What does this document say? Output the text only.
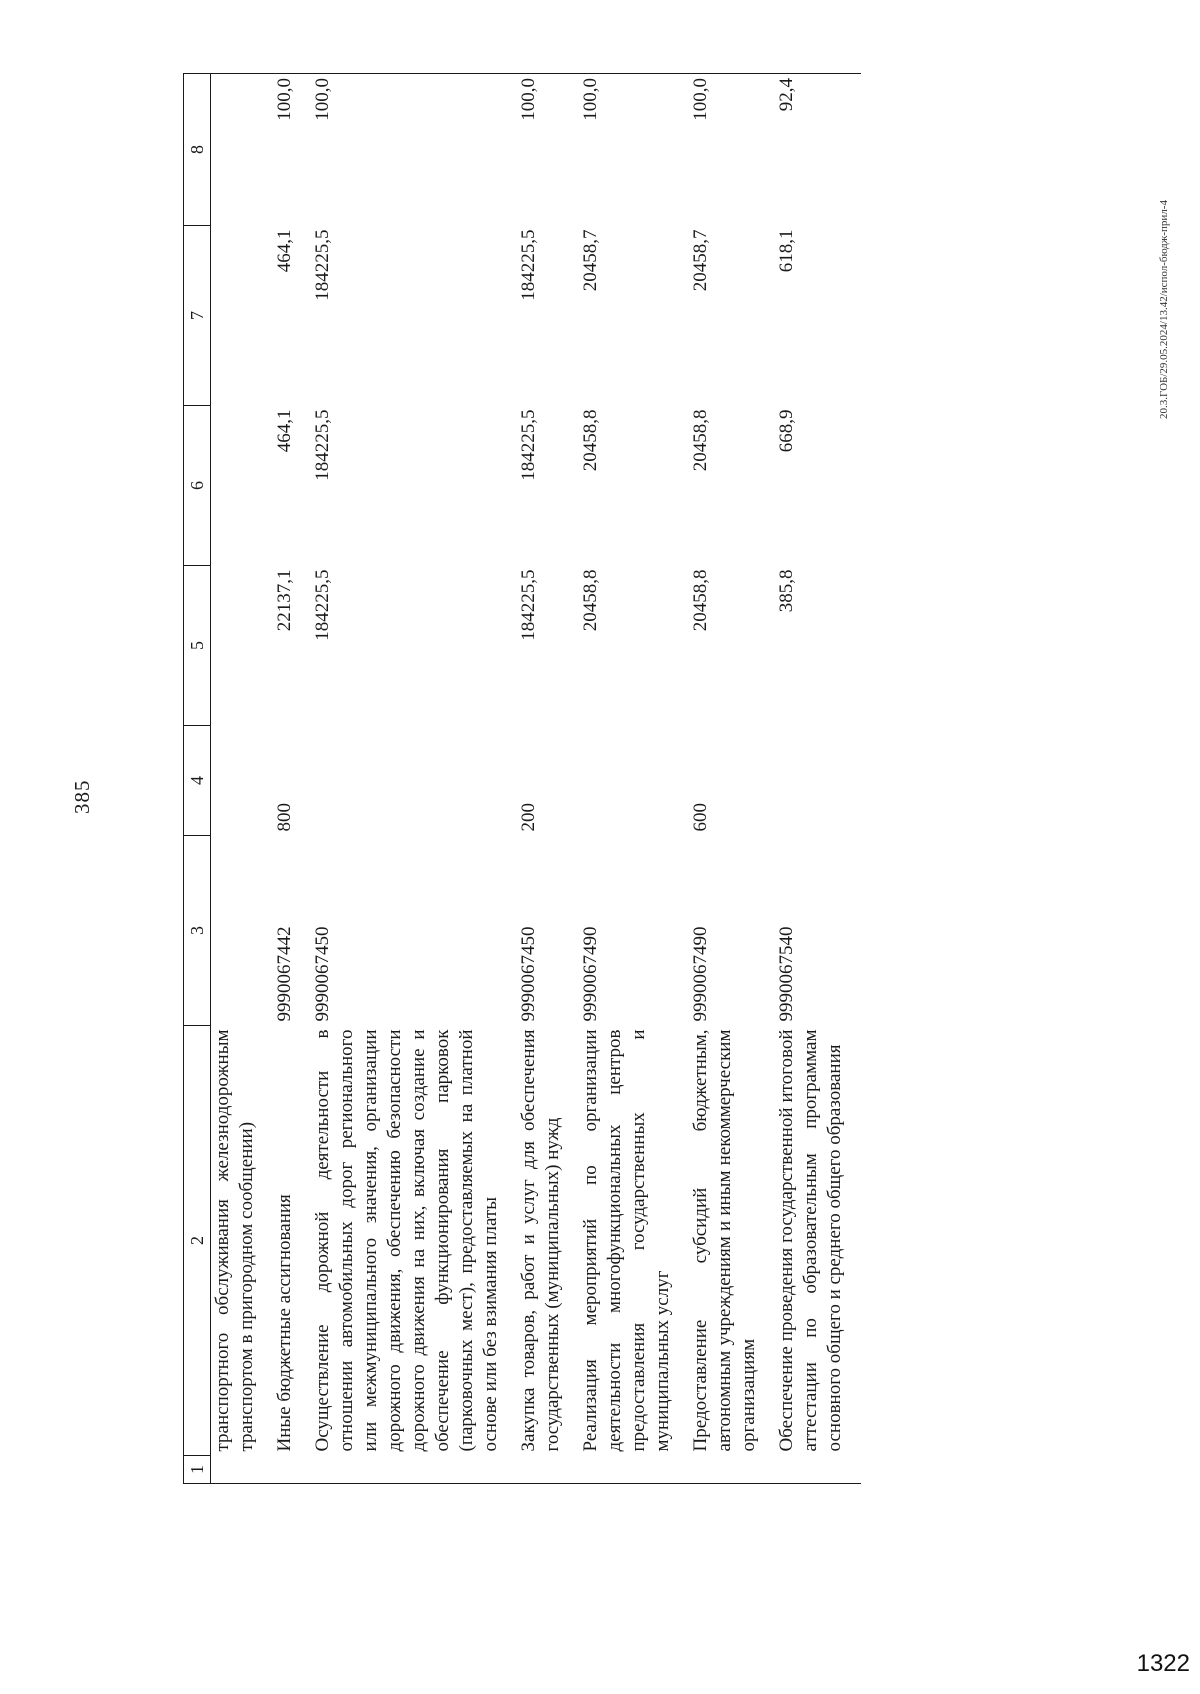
385
1	2	3	4	5	6	7	8
	транспортного обслуживания железнодорожным транспортом в пригородном сообщении)						
	Иные бюджетные ассигнования	9990067442	800	22137,1	464,1	464,1	100,0
	Осуществление дорожной деятельности в отношении автомобильных дорог регионального или межмуниципального значения, организации дорожного движения, обеспечению безопасности дорожного движения на них, включая создание и обеспечение функционирования парковок (парковочных мест), предоставляемых на платной основе или без взимания платы	9990067450		184225,5	184225,5	184225,5	100,0
	Закупка товаров, работ и услуг для обеспечения государственных (муниципальных) нужд	9990067450	200	184225,5	184225,5	184225,5	100,0
	Реализация мероприятий по организации деятельности многофункциональных центров предоставления государственных и муниципальных услуг	9990067490		20458,8	20458,8	20458,7	100,0
	Предоставление субсидий бюджетным, автономным учреждениям и иным некоммерческим организациям	9990067490	600	20458,8	20458,8	20458,7	100,0
	Обеспечение проведения государственной итоговой аттестации по образовательным программам основного общего и среднего общего образования	9990067540		385,8	668,9	618,1	92,4
20.3.ГОБ/29.05.2024/13.42/испол-бюдж-прил-4
1322
